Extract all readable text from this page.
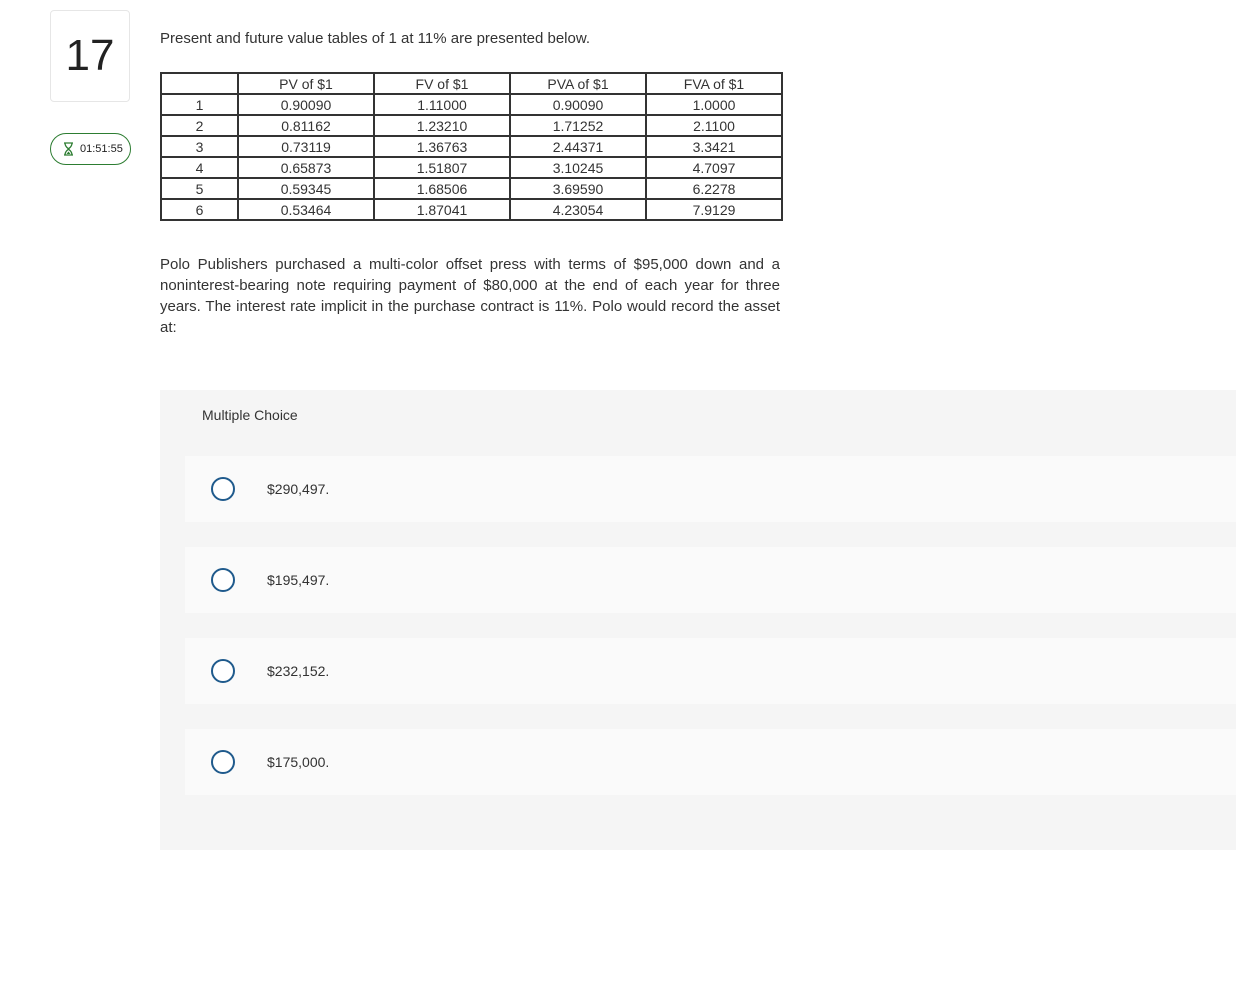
17
01:51:55
Present and future value tables of 1 at 11% are presented below.
	PV of $1	FV of $1	PVA of $1	FVA of $1
1	0.90090	1.11000	0.90090	1.0000
2	0.81162	1.23210	1.71252	2.1100
3	0.73119	1.36763	2.44371	3.3421
4	0.65873	1.51807	3.10245	4.7097
5	0.59345	1.68506	3.69590	6.2278
6	0.53464	1.87041	4.23054	7.9129
Polo Publishers purchased a multi-color offset press with terms of $95,000 down and a noninterest-bearing note requiring payment of $80,000 at the end of each year for three years. The interest rate implicit in the purchase contract is 11%. Polo would record the asset at:
Multiple Choice
$290,497.
$195,497.
$232,152.
$175,000.
